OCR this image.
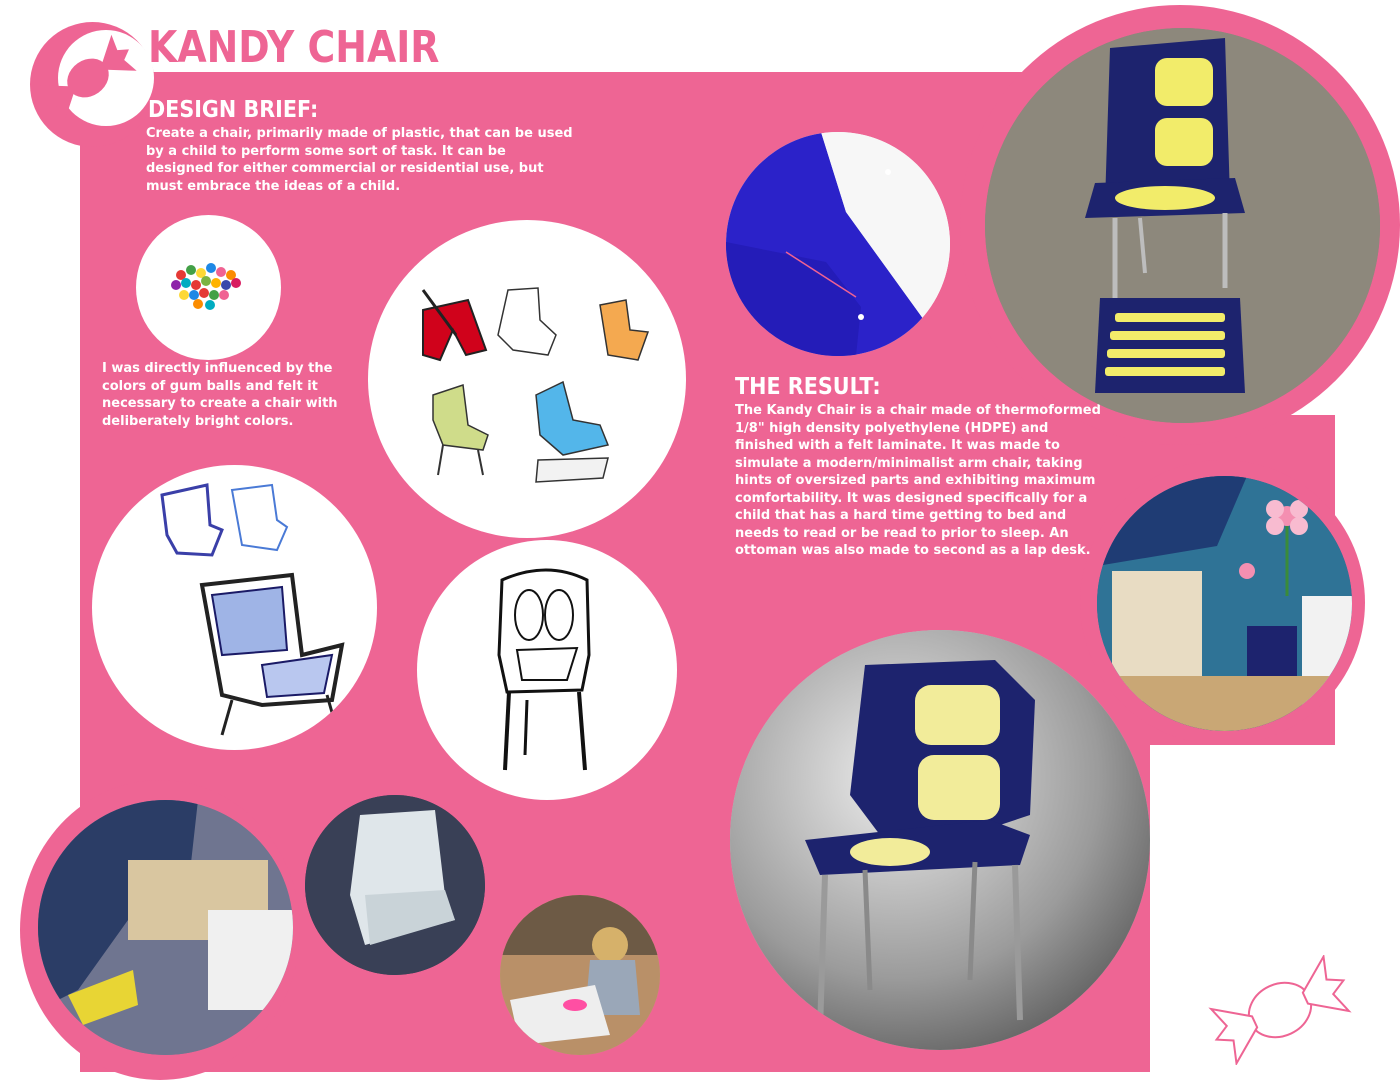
KANDY CHAIR
DESIGN BRIEF:

Create a chair, primarily made of plastic, that can be used by a child to perform some sort of task. It can be designed for either commercial or residential use, but must embrace the ideas of a child.

I was directly influenced by the colors of gum balls and felt it necessary to create a chair with deliberately bright colors.

THE RESULT:

The Kandy Chair is a chair made of thermoformed 1/8" high density polyethylene (HDPE) and finished with a felt laminate. It was made to simulate a modern/minimalist arm chair, taking hints of oversized parts and exhibiting maximum comfortability. It was designed specifically for a child that has a hard time getting to bed and needs to read or be read to prior to sleep. An ottoman was also made to second as a lap desk.
